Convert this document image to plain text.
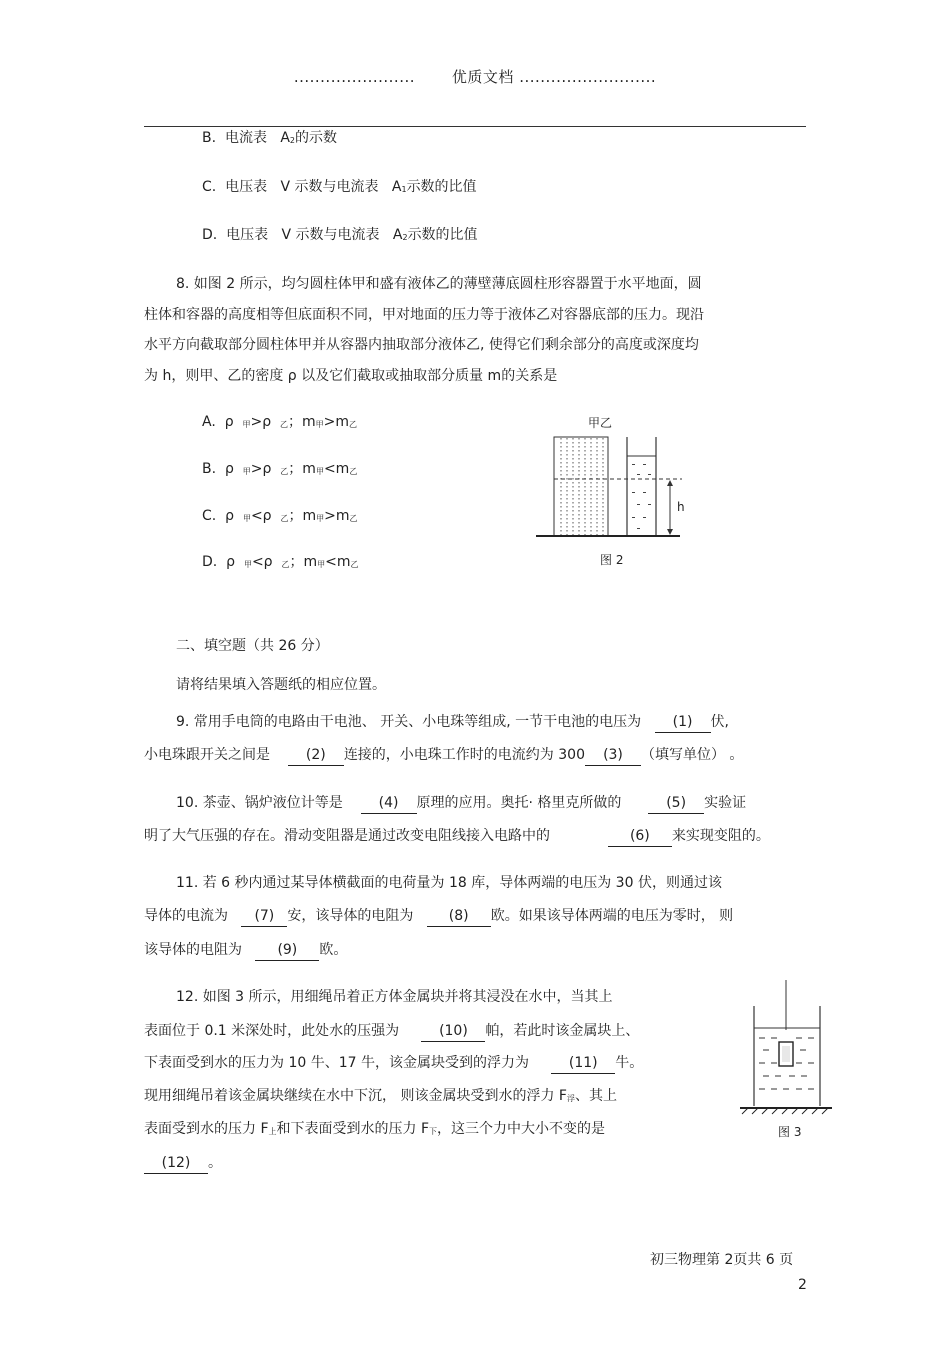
....................... 优质文档 ..........................
B. 电流表 A2的示数
C. 电压表 V 示数与电流表 A1示数的比值
D. 电压表 V 示数与电流表 A2示数的比值
8. 如图 2 所示，均匀圆柱体甲和盛有液体乙的薄壁薄底圆柱形容器置于水平地面，圆
柱体和容器的高度相等但底面积不同，甲对地面的压力等于液体乙对容器底部的压力。现沿
水平方向截取部分圆柱体甲并从容器内抽取部分液体乙, 使得它们剩余部分的高度或深度均
为 h，则甲、乙的密度 ρ 以及它们截取或抽取部分质量 m的关系是
A. ρ 甲>ρ 乙；m甲>m乙
B. ρ 甲>ρ 乙；m甲<m乙
C. ρ 甲<ρ 乙；m甲>m乙
D. ρ 甲<ρ 乙；m甲<m乙
甲乙
h
图 2
二、填空题（共 26 分）
请将结果填入答题纸的相应位置。
9. 常用手电筒的电路由干电池、 开关、小电珠等组成, 一节干电池的电压为 (1) 伏,
小电珠跟开关之间是	(2) 连接的，小电珠工作时的电流约为 300 (3) （填写单位） 。
10. 茶壶、锅炉液位计等是	(4) 原理的应用。奥托· 格里克所做的	(5) 实验证
明了大气压强的存在。滑动变阻器是通过改变电阻线接入电路中的	(6) 来实现变阻的。
11. 若 6 秒内通过某导体横截面的电荷量为 18 库，导体两端的电压为 30 伏，则通过该
导体的电流为 (7) 安，该导体的电阻为	(8) 欧。如果该导体两端的电压为零时， 则
该导体的电阻为	(9) 欧。
12. 如图 3 所示，用细绳吊着正方体金属块并将其浸没在水中，当其上
表面位于 0.1 米深处时，此处水的压强为	(10) 帕，若此时该金属块上、
下表面受到水的压力为 10 牛、17 牛，该金属块受到的浮力为	(11) 牛。
现用细绳吊着该金属块继续在水中下沉， 则该金属块受到水的浮力 F浮、其上
表面受到水的压力 F上和下表面受到水的压力 F下，这三个力中大小不变的是
(12) 。
图 3
初三物理第 2页共 6 页
2
